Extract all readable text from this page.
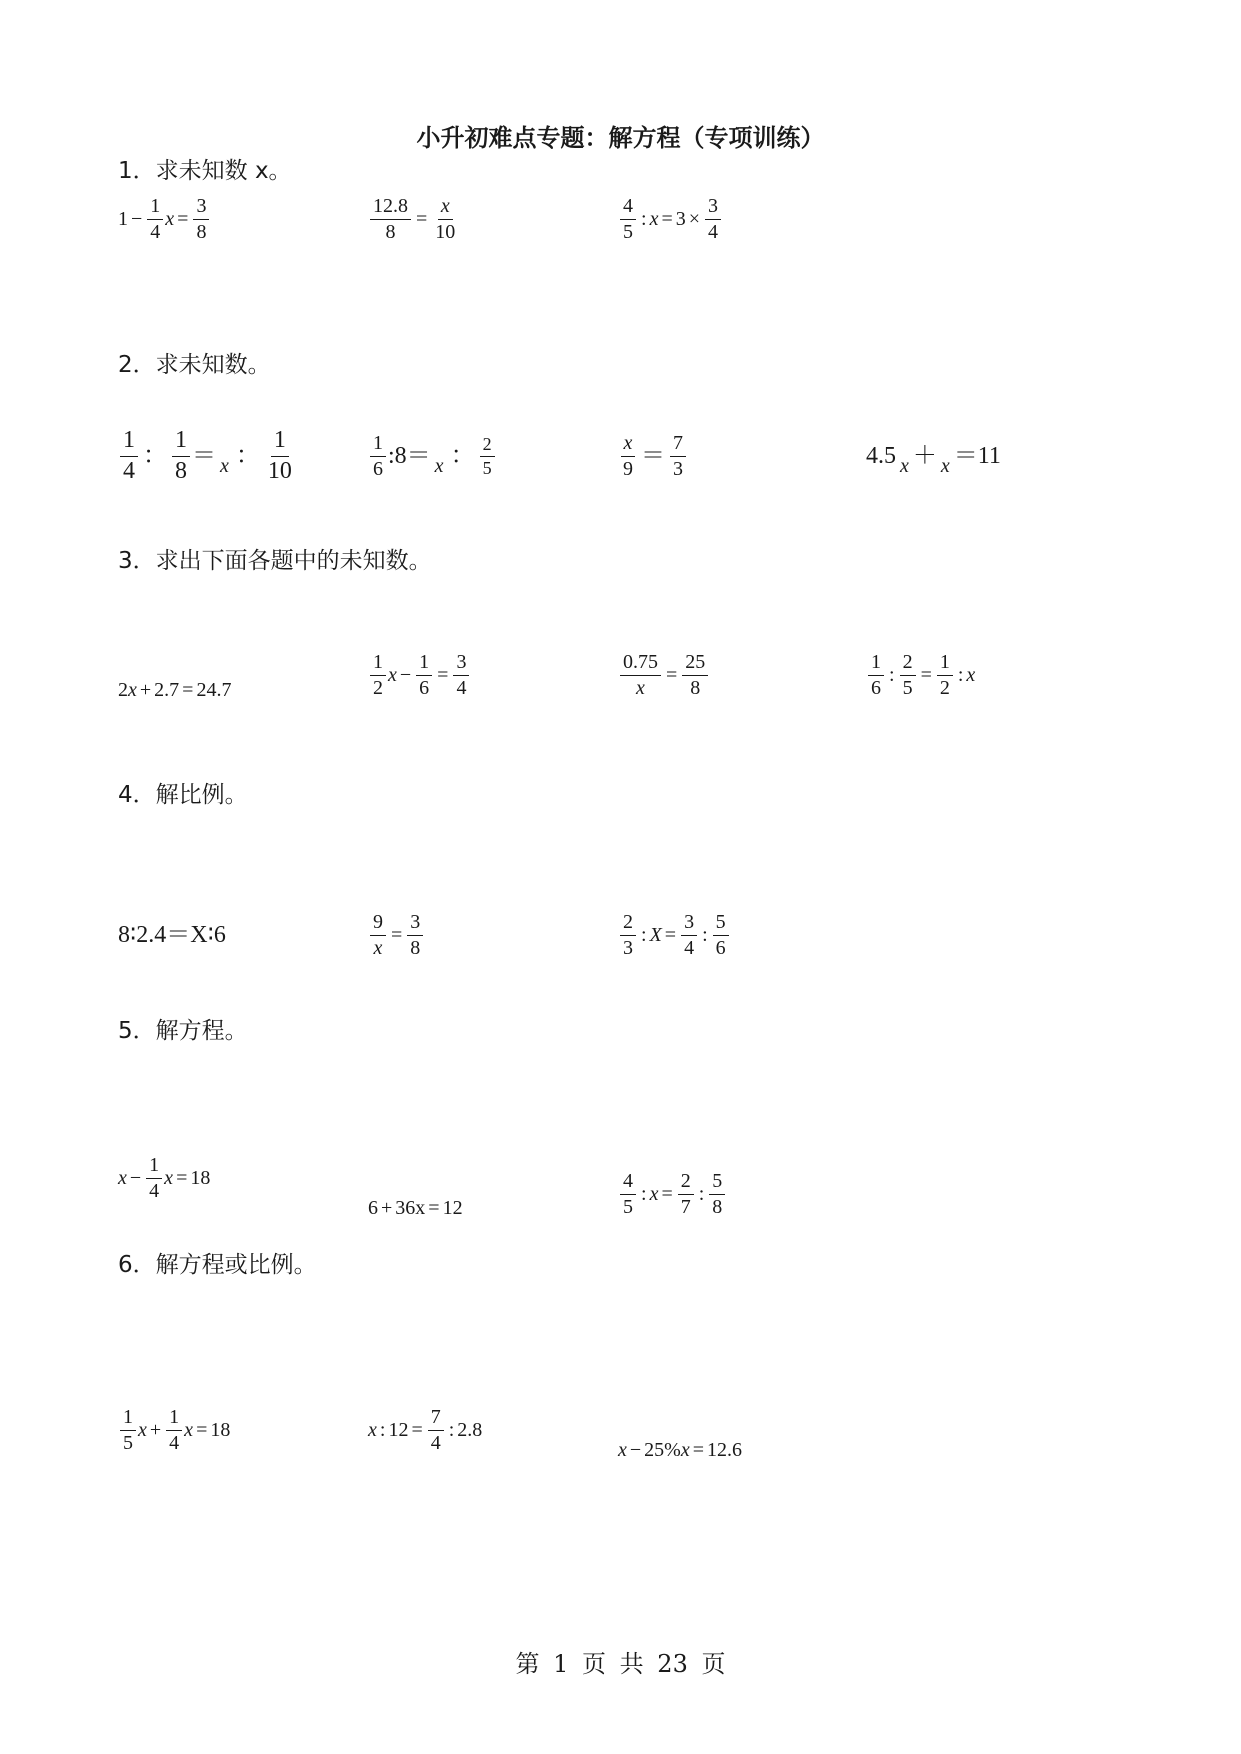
小升初难点专题：解方程（专项训练）
1．求未知数 x。
2．求未知数。
3．求出下面各题中的未知数。
4．解比例。
5．解方程。
6．解方程或比例。
$1 - \frac{1}{4}$ $x = \frac{3}{8}$	$\frac{12.8}{8} = \frac{x}{10}$	$\frac{4}{5}$ : $x = 3 \times \frac{3}{4}$
$\frac{1}{4}$ ： $\frac{1}{8} = x$ ： $\frac{1}{10}$	$\frac{1}{6}$ :8 ＝ x ： $\frac{2}{5}$	$\frac{x}{9} = \frac{7}{3}$	4.5 x ＋ x ＝ 11
2 x + 2.7 = 24.7	$\frac{1}{2}$ $x - \frac{1}{6} = \frac{3}{4}$	$\frac{0.75}{x} = \frac{25}{8}$	$\frac{1}{6}$ : $\frac{2}{5} = \frac{1}{2}$ : x
8∶2.4＝X∶6	$\frac{9}{x} = \frac{3}{8}$	$\frac{2}{3}$ : $X = \frac{3}{4}$ : $\frac{5}{6}$
$x - \frac{1}{4}$ x = 18
6 + 36x = 12	$\frac{4}{5}$ : $x = \frac{2}{7}$ : $\frac{5}{8}$
$\frac{1}{5}$ $x + \frac{1}{4}$ x = 18	x : $12 = \frac{7}{4}$ : 2.8
x − 25% x = 12.6
第 1 页 共 23 页
